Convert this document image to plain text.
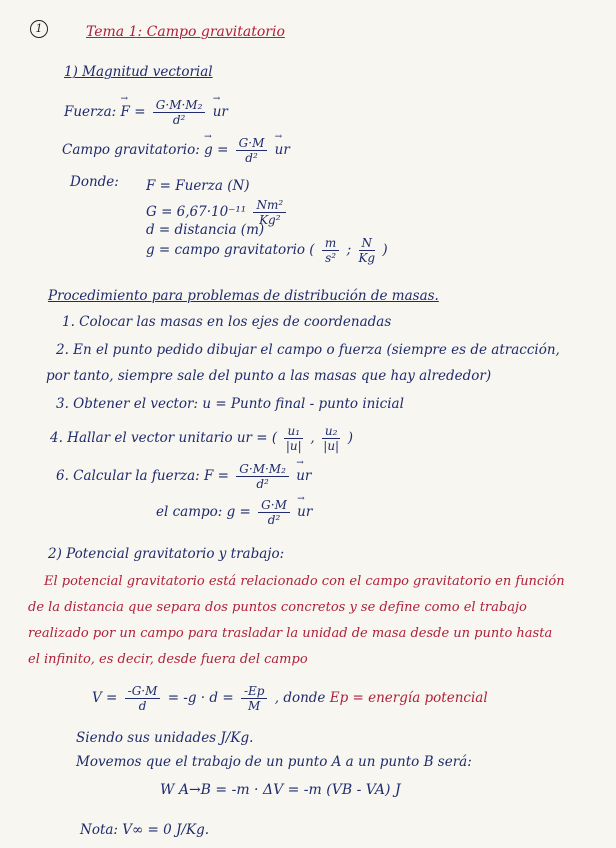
1	Tema 1: Campo gravitatorio
1) Magnitud vectorial
Fuerza: → $F = \frac{\text{G·M·M₂}}{\text{d²}}$ → ur
Campo gravitatorio: → $g = \frac{G\cdot M}{\text{d²}}$ → ur
Donde: F = Fuerza (N)
$G = 6,67\cdot 10^{-11} \frac{\text{Nm²}}{\text{Kg²}}$
d = distancia (m)
g = campo gravitatorio ( $\frac{m}{\text{s²}}$ ; $\frac{N}{Kg}$ )
Procedimiento para problemas de distribución de masas.
1. Colocar las masas en los ejes de coordenadas
2. En el punto pedido dibujar el campo o fuerza (siempre es de atracción,
por tanto, siempre sale del punto a las masas que hay alrededor)
3. Obtener el vector: u = Punto final - punto inicial
4. Hallar el vector unitario ur = ( $\frac{\text{u₁}}{|u|}$ , $\frac{\text{u₂}}{|u|}$ )
6. Calcular la fuerza: $F = \frac{\text{G·M·M₂}}{\text{d²}}$ → ur
el campo: $g = \frac{G\cdot M}{\text{d²}}$ → ur
2) Potencial gravitatorio y trabajo:
El potencial gravitatorio está relacionado con el campo gravitatorio en función
de la distancia que separa dos puntos concretos y se define como el trabajo
realizado por un campo para trasladar la unidad de masa desde un punto hasta
el infinito, es decir, desde fuera del campo
$V = \frac{-G\cdot M}{d} = -g \cdot d = \frac{-Ep}{M}$ , donde Ep = energía potencial
Siendo sus unidades J/Kg.
Movemos que el trabajo de un punto A a un punto B será:
W A→B = -m · ΔV = -m (VB - VA) J
Nota: V∞ = 0 J/Kg.
